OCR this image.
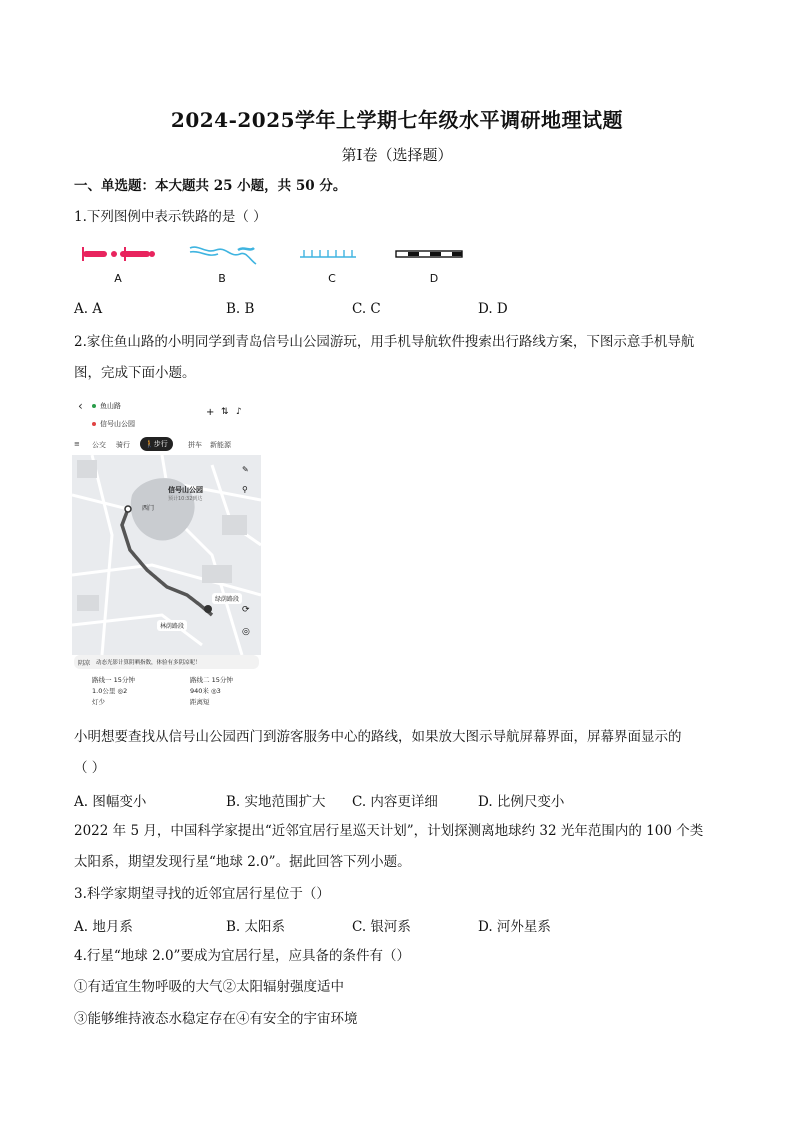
2024-2025学年上学期七年级水平调研地理试题
第Ⅰ卷（选择题）
一、单选题：本大题共 25 小题，共 50 分。
1.下列图例中表示铁路的是（ ）
A	B	C	D
A. A	B. B	C. C	D. D
2.家住鱼山路的小明同学到青岛信号山公园游玩，用手机导航软件搜索出行路线方案，下图示意手机导航
图，完成下面小题。
‹ 鱼山路
信号山公园
+ ⇅ ♪
≡ 公交 骑行	🚶步行	拼车 新能源
信号山公园
预计10:32到达
西门
绿荫路段
林荫路段
✎
⚲
⟳
◎
阴凉 动态光影计算阴晒指数，体验有多阴凉呢！
路线一 15分钟
1.0公里 ◎2
灯少
路线二 15分钟
940米 ◎3
距离短
小明想要查找从信号山公园西门到游客服务中心的路线，如果放大图示导航屏幕界面，屏幕界面显示的
（ ）
A. 图幅变小	B. 实地范围扩大 C. 内容更详细	D. 比例尺变小
2022 年 5 月，中国科学家提出“近邻宜居行星巡天计划”，计划探测离地球约 32 光年范围内的 100 个类
太阳系，期望发现行星“地球 2.0”。据此回答下列小题。
3.科学家期望寻找的近邻宜居行星位于（）
A. 地月系	B. 太阳系	C. 银河系	D. 河外星系
4.行星“地球 2.0”要成为宜居行星，应具备的条件有（）
①有适宜生物呼吸的大气②太阳辐射强度适中
③能够维持液态水稳定存在④有安全的宇宙环境
